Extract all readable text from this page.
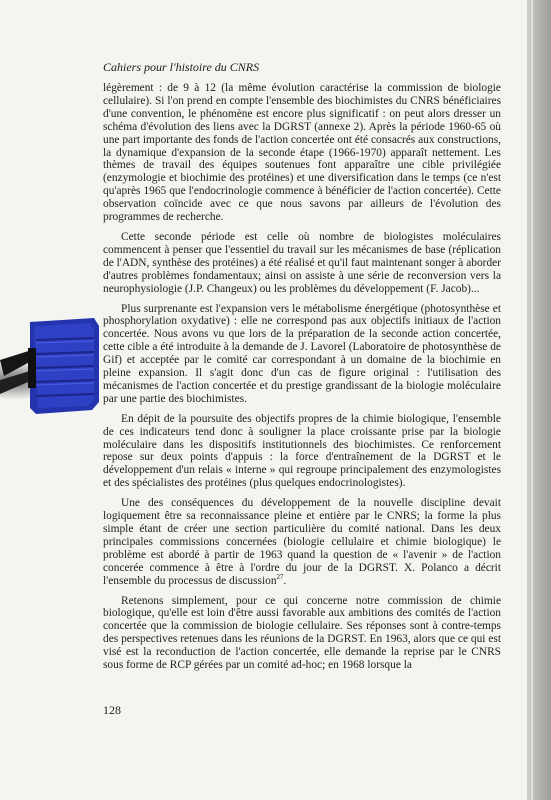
Cahiers pour l'histoire du CNRS

légèrement : de 9 à 12 (la même évolution caractérise la commission de biologie cellulaire). Si l'on prend en compte l'ensemble des biochimistes du CNRS bénéficiaires d'une convention, le phénomène est encore plus significatif : on peut alors dresser un schéma d'évolution des liens avec la DGRST (annexe 2). Après la période 1960-65 où une part importante des fonds de l'action concertée ont été consacrés aux constructions, la dynamique d'expansion de la seconde étape (1966-1970) apparaît nettement. Les thèmes de travail des équipes soutenues font apparaître une cible privilégiée (enzymologie et biochimie des protéines) et une diversification dans le temps (ce n'est qu'après 1965 que l'endocrinologie commence à bénéficier de l'action concertée). Cette observation coïncide avec ce que nous savons par ailleurs de l'évolution des programmes de recherche.

Cette seconde période est celle où nombre de biologistes moléculaires commencent à penser que l'essentiel du travail sur les mécanismes de base (réplication de l'ADN, synthèse des protéines) a été réalisé et qu'il faut maintenant songer à aborder d'autres problèmes fondamentaux; ainsi on assiste à une série de reconversion vers la neurophysiologie (J.P. Changeux) ou les problèmes du développement (F. Jacob)...

Plus surprenante est l'expansion vers le métabolisme énergétique (photosynthèse et phosphorylation oxydative) : elle ne correspond pas aux objectifs initiaux de l'action concertée. Nous avons vu que lors de la préparation de la seconde action concertée, cette cible a été introduite à la demande de J. Lavorel (Laboratoire de photosynthèse de Gif) et acceptée par le comité car correspondant à un domaine de la biochimie en pleine expansion. Il s'agit donc d'un cas de figure original : l'utilisation des mécanismes de l'action concertée et du prestige grandissant de la biologie moléculaire par une partie des biochimistes.

En dépit de la poursuite des objectifs propres de la chimie biologique, l'ensemble de ces indicateurs tend donc à souligner la place croissante prise par la biologie moléculaire dans les dispositifs institutionnels des biochimistes. Ce renforcement repose sur deux points d'appuis : la force d'entraînement de la DGRST et le développement d'un relais « interne » qui regroupe principalement des enzymologistes et des spécialistes des protéines (plus quelques endocrinologistes).

Une des conséquences du développement de la nouvelle discipline devait logiquement être sa reconnaissance pleine et entière par le CNRS; la forme la plus simple étant de créer une section particulière du comité national. Dans les deux principales commissions concernées (biologie cellulaire et chimie biologique) le problème est abordé à partir de 1963 quand la question de « l'avenir » de l'action concerée commence à être à l'ordre du jour de la DGRST. X. Polanco a décrit l'ensemble du processus de discussion$^{27}$.

Retenons simplement, pour ce qui concerne notre commission de chimie biologique, qu'elle est loin d'être aussi favorable aux ambitions des comités de l'action concertée que la commission de biologie cellulaire. Ses réponses sont à contre-temps des perspectives retenues dans les réunions de la DGRST. En 1963, alors que ce qui est visé est la reconduction de l'action concertée, elle demande la reprise par le CNRS sous forme de RCP gérées par un comité ad-hoc; en 1968 lorsque la

128
